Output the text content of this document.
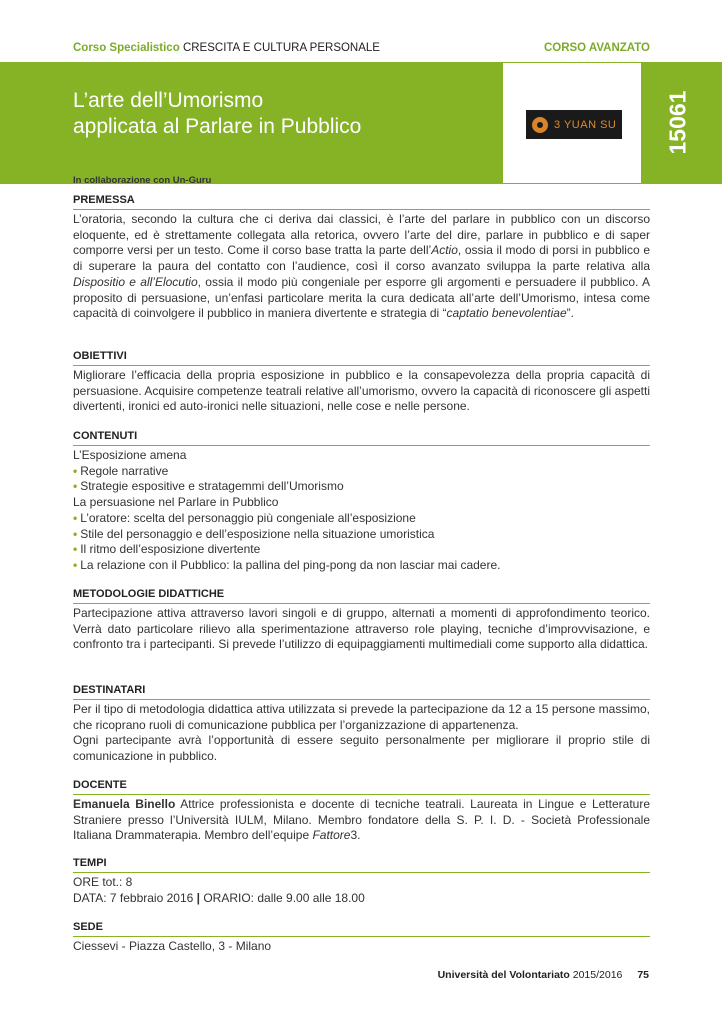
Corso Specialistico CRESCITA E CULTURA PERSONALE	CORSO AVANZATO
L’arte dell’Umorismo
applicata al Parlare in Pubblico	3 YUAN SU 15061
In collaborazione con Un-Guru
PREMESSA

L’oratoria, secondo la cultura che ci deriva dai classici, è l’arte del parlare in pubblico con un discorso eloquente, ed è strettamente collegata alla retorica, ovvero l’arte del dire, parlare in pubblico e di saper comporre versi per un testo. Come il corso base tratta la parte dell’Actio, ossia il modo di porsi in pubblico e di superare la paura del contatto con l’audience, così il corso avanzato sviluppa la parte relativa alla Dispositio e all’Elocutio, ossia il modo più congeniale per esporre gli argomenti e persuadere il pubblico. A proposito di persuasione, un’enfasi particolare merita la cura dedicata all’arte dell’Umorismo, intesa come capacità di coinvolgere il pubblico in maniera divertente e strategia di “captatio benevolentiae”.

OBIETTIVI

Migliorare l’efficacia della propria esposizione in pubblico e la consapevolezza della propria capacità di persuasione. Acquisire competenze teatrali relative all’umorismo, ovvero la capacità di riconoscere gli aspetti divertenti, ironici ed auto-ironici nelle situazioni, nelle cose e nelle persone.

CONTENUTI
L’Esposizione amena
• Regole narrative
• Strategie espositive e stratagemmi dell’Umorismo
La persuasione nel Parlare in Pubblico
• L’oratore: scelta del personaggio più congeniale all’esposizione
• Stile del personaggio e dell’esposizione nella situazione umoristica
• Il ritmo dell’esposizione divertente
• La relazione con il Pubblico: la pallina del ping-pong da non lasciar mai cadere.
METODOLOGIE DIDATTICHE

Partecipazione attiva attraverso lavori singoli e di gruppo, alternati a momenti di approfondimento teorico. Verrà dato particolare rilievo alla sperimentazione attraverso role playing, tecniche d’improvvisazione, e confronto tra i partecipanti. Si prevede l’utilizzo di equipaggiamenti multimediali come supporto alla didattica.

DESTINATARI

Per il tipo di metodologia didattica attiva utilizzata si prevede la partecipazione da 12 a 15 persone massimo, che ricoprano ruoli di comunicazione pubblica per l’organizzazione di appartenenza.

Ogni partecipante avrà l’opportunità di essere seguito personalmente per migliorare il proprio stile di comunicazione in pubblico.

DOCENTE

Emanuela Binello Attrice professionista e docente di tecniche teatrali. Laureata in Lingue e Letterature Straniere presso l’Università IULM, Milano. Membro fondatore della S. P. I. D. - Società Professionale Italiana Drammaterapia. Membro dell’equipe Fattore3.

TEMPI
ORE tot.: 8
DATA: 7 febbraio 2016 | ORARIO: dalle 9.00 alle 18.00
SEDE
Ciessevi - Piazza Castello, 3 - Milano
Università del Volontariato 2015/2016 75
